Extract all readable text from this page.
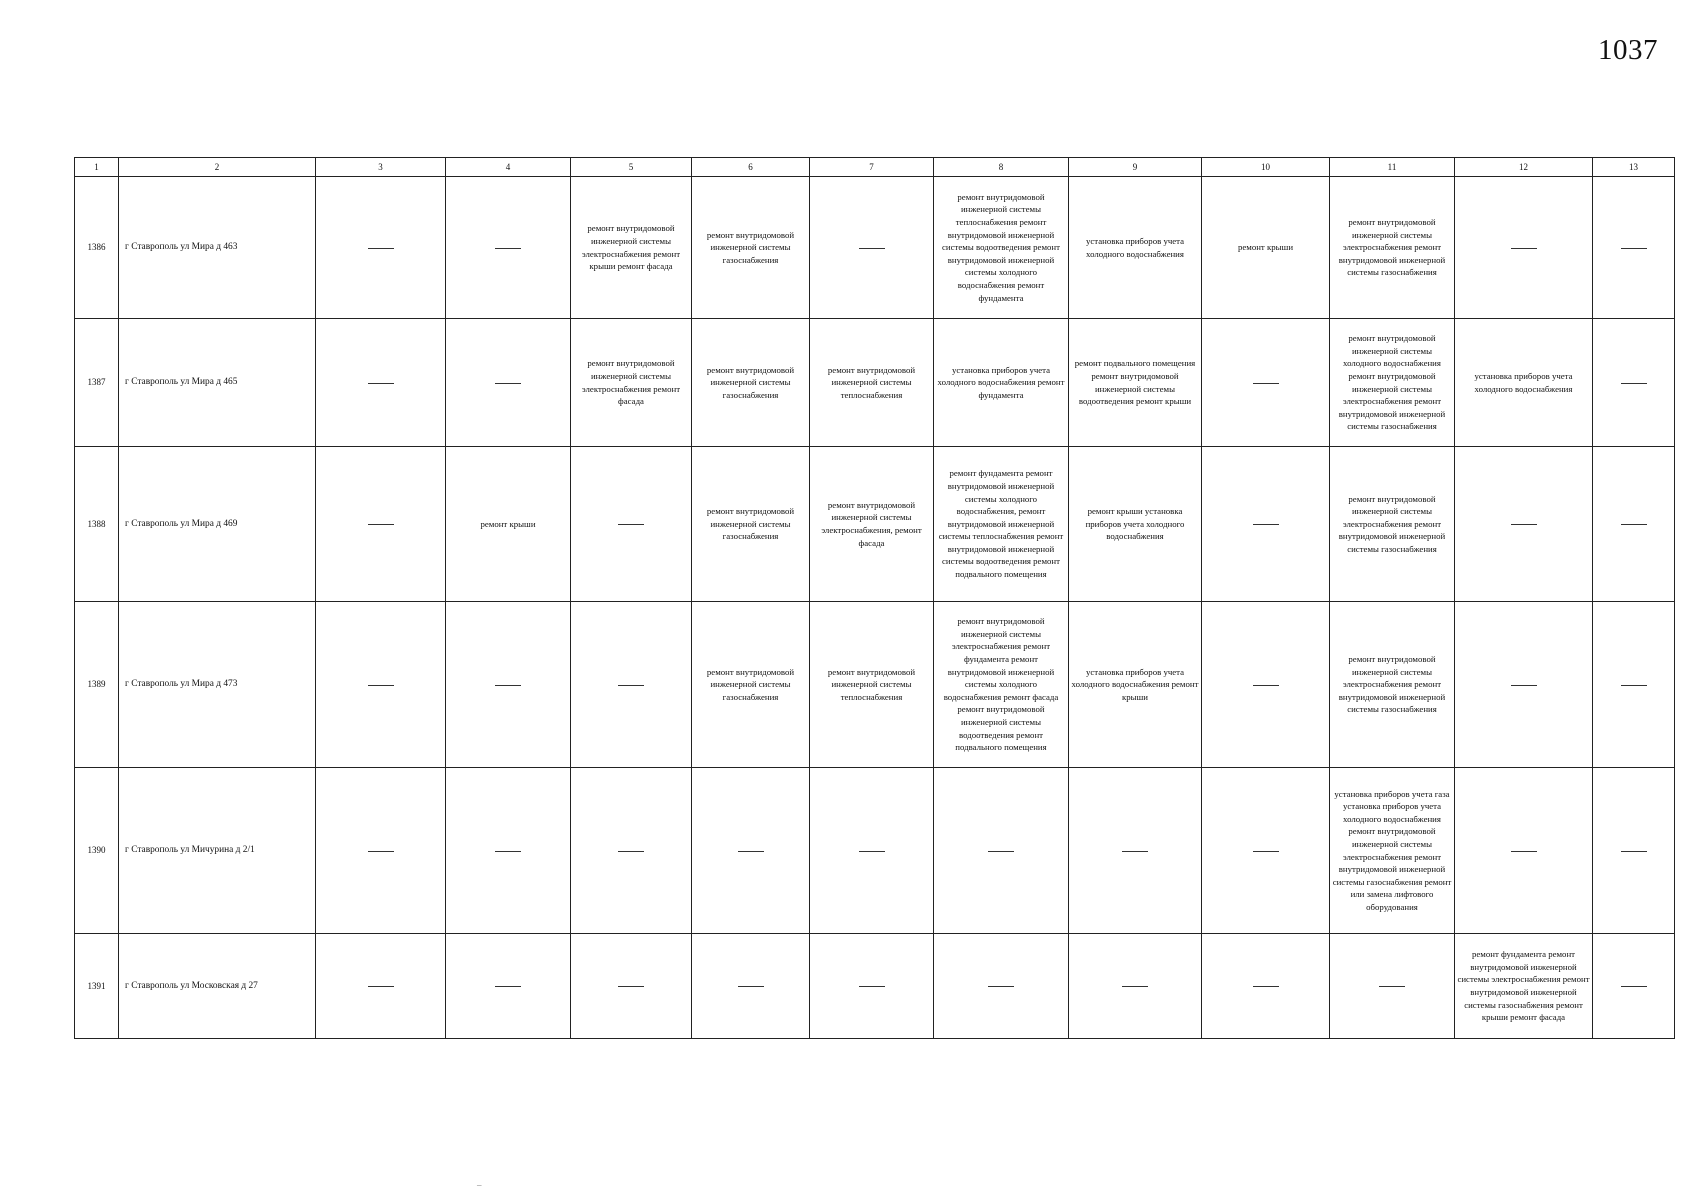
1037
1	2	3	4	5	6	7	8	9	10	11	12	13
1386	г Ставрополь ул Мира д 463			ремонт внутридомовой инженерной системы электроснабжения ремонт крыши ремонт фасада	ремонт внутридомовой инженерной системы газоснабжения		ремонт внутридомовой инженерной системы теплоснабжения ремонт внутридомовой инженерной системы водоотведения ремонт внутридомовой инженерной системы холодного водоснабжения ремонт фундамента	установка приборов учета холодного водоснабжения	ремонт крыши	ремонт внутридомовой инженерной системы электроснабжения ремонт внутридомовой инженерной системы газоснабжения		
1387	г Ставрополь ул Мира д 465			ремонт внутридомовой инженерной системы электроснабжения ремонт фасада	ремонт внутридомовой инженерной системы газоснабжения	ремонт внутридомовой инженерной системы теплоснабжения	установка приборов учета холодного водоснабжения ремонт фундамента	ремонт подвального помещения ремонт внутридомовой инженерной системы водоотведения ремонт крыши		ремонт внутридомовой инженерной системы холодного водоснабжения ремонт внутридомовой инженерной системы электроснабжения ремонт внутридомовой инженерной системы газоснабжения	установка приборов учета холодного водоснабжения	
1388	г Ставрополь ул Мира д 469		ремонт крыши		ремонт внутридомовой инженерной системы газоснабжения	ремонт внутридомовой инженерной системы электроснабжения, ремонт фасада	ремонт фундамента ремонт внутридомовой инженерной системы холодного водоснабжения, ремонт внутридомовой инженерной системы теплоснабжения ремонт внутридомовой инженерной системы водоотведения ремонт подвального помещения	ремонт крыши установка приборов учета холодного водоснабжения		ремонт внутридомовой инженерной системы электроснабжения ремонт внутридомовой инженерной системы газоснабжения		
1389	г Ставрополь ул Мира д 473				ремонт внутридомовой инженерной системы газоснабжения	ремонт внутридомовой инженерной системы теплоснабжения	ремонт внутридомовой инженерной системы электроснабжения ремонт фундамента ремонт внутридомовой инженерной системы холодного водоснабжения ремонт фасада ремонт внутридомовой инженерной системы водоотведения ремонт подвального помещения	установка приборов учета холодного водоснабжения ремонт крыши		ремонт внутридомовой инженерной системы электроснабжения ремонт внутридомовой инженерной системы газоснабжения		
1390	г Ставрополь ул Мичурина д 2/1									установка приборов учета газа установка приборов учета холодного водоснабжения ремонт внутридомовой инженерной системы электроснабжения ремонт внутридомовой инженерной системы газоснабжения ремонт или замена лифтового оборудования		
1391	г Ставрополь ул Московская д 27										ремонт фундамента ремонт внутридомовой инженерной системы электроснабжения ремонт внутридомовой инженерной системы газоснабжения ремонт крыши ремонт фасада	
‒
